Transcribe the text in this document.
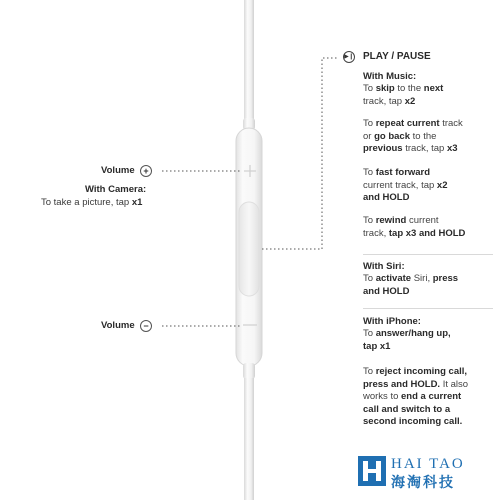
▶❙ PLAY / PAUSE
With Music:
To skip to the next
track, tap x2
To repeat current track
or go back to the
previous track, tap x3
To fast forward
current track, tap x2
and HOLD
To rewind current
track, tap x3 and HOLD
With Siri:
To activate Siri, press
and HOLD
With iPhone:
To answer/hang up,
tap x1
To reject incoming call,
press and HOLD. It also
works to end a current
call and switch to a
second incoming call.
Volume +
With Camera:
To take a picture, tap x1
Volume −
HAI TAO
海淘科技
